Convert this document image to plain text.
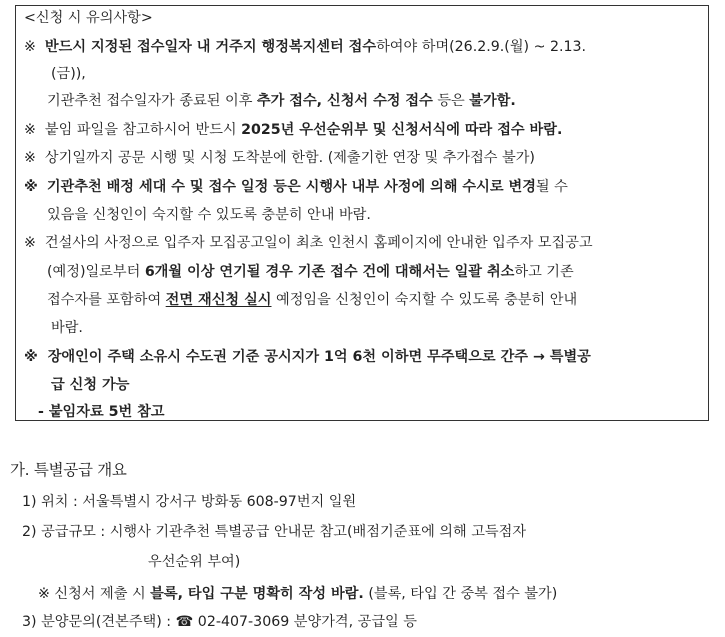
<신청 시 유의사항>
※ 반드시 지정된 접수일자 내 거주지 행정복지센터 접수하여야 하며(26.2.9.(월) ~ 2.13.
(금)),
기관추천 접수일자가 종료된 이후 추가 접수, 신청서 수정 접수 등은 불가함.
※ 붙임 파일을 참고하시어 반드시 2025년 우선순위부 및 신청서식에 따라 접수 바람.
※ 상기일까지 공문 시행 및 시청 도착분에 한함. (제출기한 연장 및 추가접수 불가)
※ 기관추천 배정 세대 수 및 접수 일정 등은 시행사 내부 사정에 의해 수시로 변경될 수
있음을 신청인이 숙지할 수 있도록 충분히 안내 바람.
※ 건설사의 사정으로 입주자 모집공고일이 최초 인천시 홈페이지에 안내한 입주자 모집공고
(예정)일로부터 6개월 이상 연기될 경우 기존 접수 건에 대해서는 일괄 취소하고 기존
접수자를 포함하여 전면 재신청 실시 예정임을 신청인이 숙지할 수 있도록 충분히 안내
바람.
※ 장애인이 주택 소유시 수도권 기준 공시지가 1억 6천 이하면 무주택으로 간주 → 특별공
급 신청 가능
- 붙임자료 5번 참고
가. 특별공급 개요
1) 위치 : 서울특별시 강서구 방화동 608-97번지 일원
2) 공급규모 : 시행사 기관추천 특별공급 안내문 참고(배점기준표에 의해 고득점자
우선순위 부여)
※ 신청서 제출 시 블록, 타입 구분 명확히 작성 바람. (블록, 타입 간 중복 접수 불가)
3) 분양문의(견본주택) : ☎ 02-407-3069 분양가격, 공급일 등
